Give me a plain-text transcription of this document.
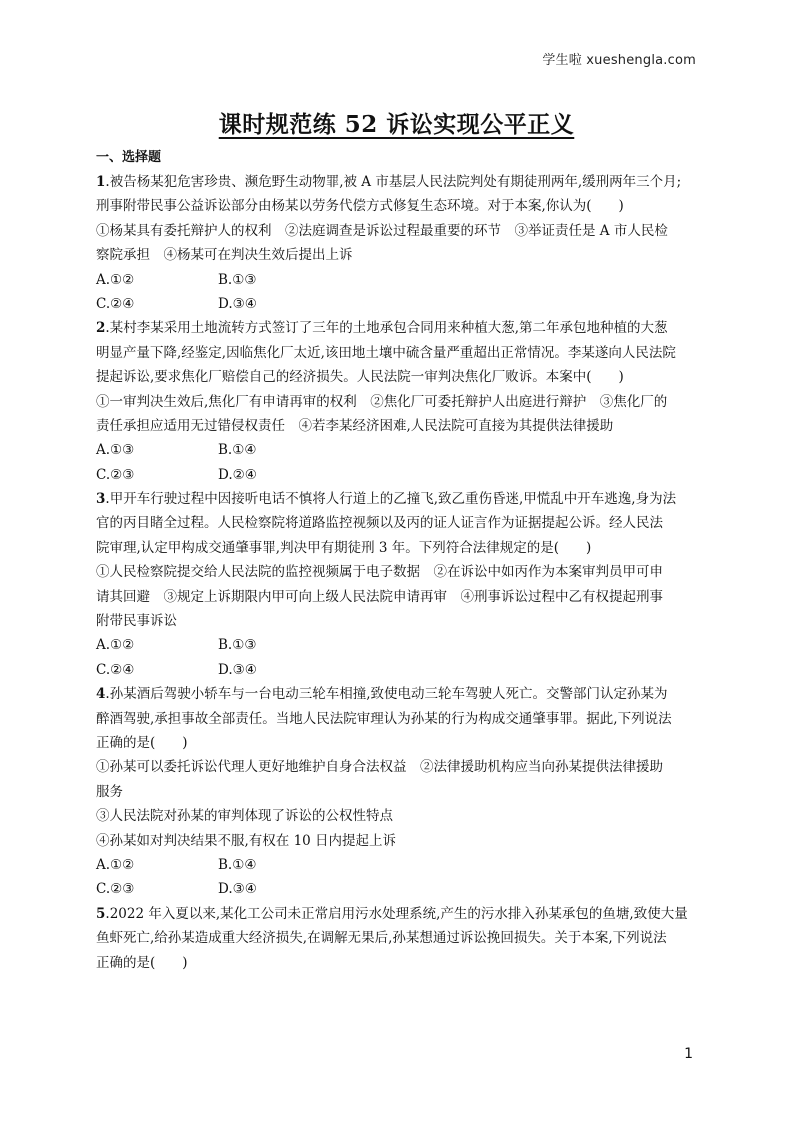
学生啦 xueshengla.com
课时规范练 52 诉讼实现公平正义
一、选择题
1.被告杨某犯危害珍贵、濒危野生动物罪,被 A 市基层人民法院判处有期徒刑两年,缓刑两年三个月;
刑事附带民事公益诉讼部分由杨某以劳务代偿方式修复生态环境。对于本案,你认为(　　)
①杨某具有委托辩护人的权利　②法庭调查是诉讼过程最重要的环节　③举证责任是 A 市人民检
察院承担　④杨某可在判决生效后提出上诉
A.①②	B.①③
C.②④	D.③④
2.某村李某采用土地流转方式签订了三年的土地承包合同用来种植大葱,第二年承包地种植的大葱
明显产量下降,经鉴定,因临焦化厂太近,该田地土壤中硫含量严重超出正常情况。李某遂向人民法院
提起诉讼,要求焦化厂赔偿自己的经济损失。人民法院一审判决焦化厂败诉。本案中(　　)
①一审判决生效后,焦化厂有申请再审的权利　②焦化厂可委托辩护人出庭进行辩护　③焦化厂的
责任承担应适用无过错侵权责任　④若李某经济困难,人民法院可直接为其提供法律援助
A.①③	B.①④
C.②③	D.②④
3.甲开车行驶过程中因接听电话不慎将人行道上的乙撞飞,致乙重伤昏迷,甲慌乱中开车逃逸,身为法
官的丙目睹全过程。人民检察院将道路监控视频以及丙的证人证言作为证据提起公诉。经人民法
院审理,认定甲构成交通肇事罪,判决甲有期徒刑 3 年。下列符合法律规定的是(　　)
①人民检察院提交给人民法院的监控视频属于电子数据　②在诉讼中如丙作为本案审判员甲可申
请其回避　③规定上诉期限内甲可向上级人民法院申请再审　④刑事诉讼过程中乙有权提起刑事
附带民事诉讼
A.①②	B.①③
C.②④	D.③④
4.孙某酒后驾驶小轿车与一台电动三轮车相撞,致使电动三轮车驾驶人死亡。交警部门认定孙某为
醉酒驾驶,承担事故全部责任。当地人民法院审理认为孙某的行为构成交通肇事罪。据此,下列说法
正确的是(　　)
①孙某可以委托诉讼代理人更好地维护自身合法权益　②法律援助机构应当向孙某提供法律援助
服务
③人民法院对孙某的审判体现了诉讼的公权性特点
④孙某如对判决结果不服,有权在 10 日内提起上诉
A.①②	B.①④
C.②③	D.③④
5.2022 年入夏以来,某化工公司未正常启用污水处理系统,产生的污水排入孙某承包的鱼塘,致使大量
鱼虾死亡,给孙某造成重大经济损失,在调解无果后,孙某想通过诉讼挽回损失。关于本案,下列说法
正确的是(　　)
1
